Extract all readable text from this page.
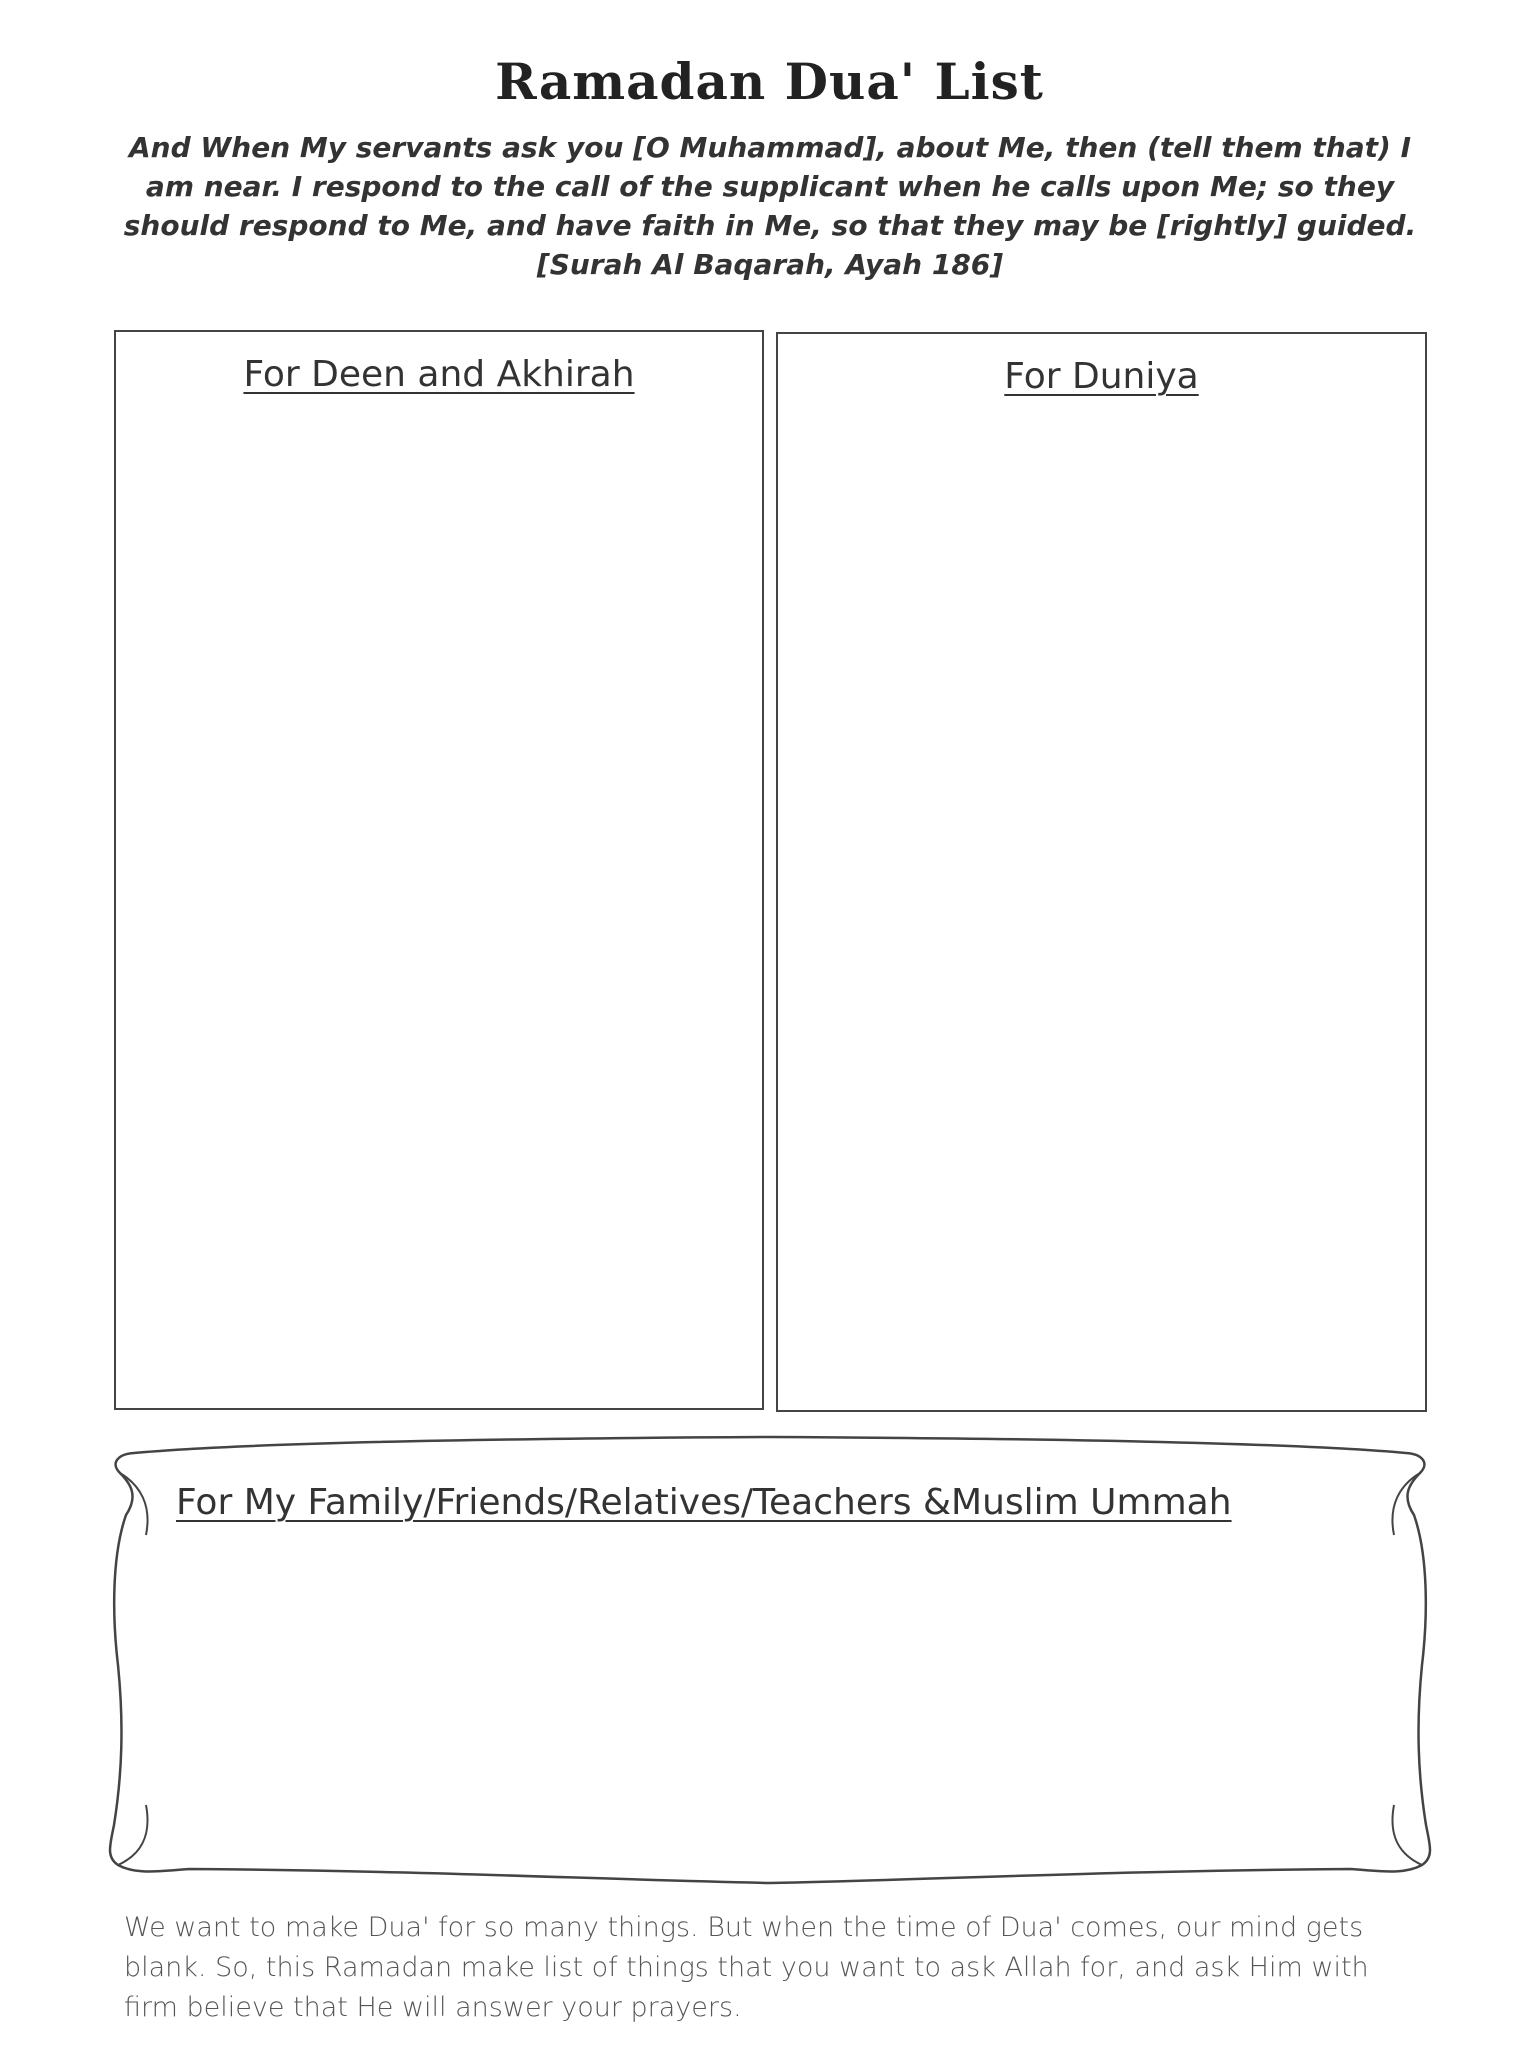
Ramadan Dua' List
And When My servants ask you [O Muhammad], about Me, then (tell them that) I am near. I respond to the call of the supplicant when he calls upon Me; so they should respond to Me, and have faith in Me, so that they may be [rightly] guided.
[Surah Al Baqarah, Ayah 186]
For Deen and Akhirah	For Duniya
For My Family/Friends/Relatives/Teachers &Muslim Ummah
We want to make Dua' for so many things. But when the time of Dua' comes, our mind gets blank. So, this Ramadan make list of things that you want to ask Allah for, and ask Him with firm believe that He will answer your prayers.
